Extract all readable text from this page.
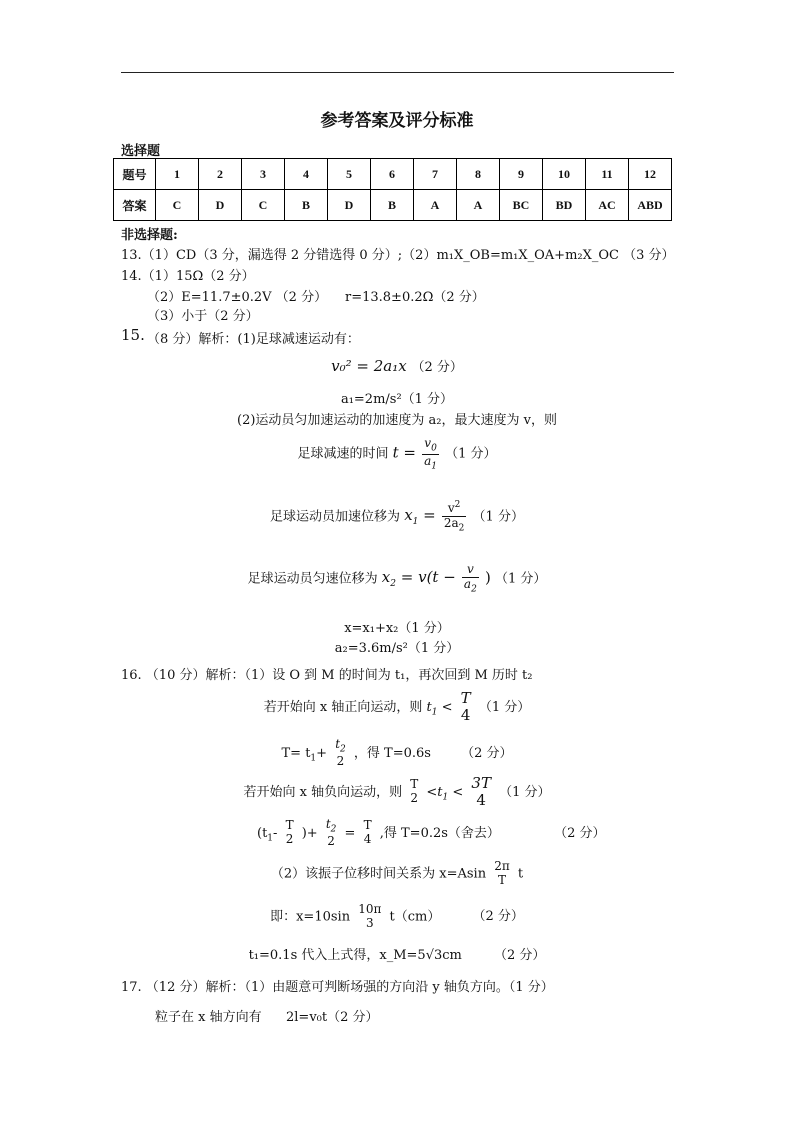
参考答案及评分标准
选择题
题号	1	2	3	4	5	6	7	8	9	10	11	12
答案	C	D	C	B	D	B	A	A	BC	BD	AC	ABD
非选择题:
13.（1）CD（3 分，漏选得 2 分错选得 0 分）;（2）m₁X_OB=m₁X_OA+m₂X_OC （3 分）
14.（1）15Ω（2 分）
（2）E=11.7±0.2V （2 分） r=13.8±0.2Ω（2 分）
（3）小于（2 分）
15. （8 分）解析：(1)足球减速运动有：
v₀² = 2a₁x （2 分）
a₁=2m/s²（1 分）
(2)运动员匀加速运动的加速度为 a₂，最大速度为 v，则
足球减速的时间 $t = \frac{v_0}{a_1} (1$ 分）
足球运动员加速位移为 $x_1 = \frac{v^2}{2a_2} (1$ 分）
足球运动员匀速位移为 $x_2 = v(t - \frac{v}{a_2}$ ) （1 分）
x=x₁+x₂（1 分）
a₂=3.6m/s²（1 分）
16. （10 分）解析：（1）设 O 到 M 的时间为 t₁，再次回到 M 历时 t₂
若开始向 x 轴正向运动，则 $t_1$ <
T
4 （1 分）
$T= t_1+$
$t_2$
2 ，得 T=0.6s （2 分）
若开始向 x 轴负向运动，则
T
$2 <t_1$ <
3T
4	（1 分）
($t_1-$
T
2 )+
$t_2$
2 =
T
4 ,得 T=0.2s（舍去）	（2 分）
（2）该振子位移时间关系为 x=Asin
2π
T t
即：x=10sin
10π
3	t（cm） （2 分）
t₁=0.1s 代入上式得，x_M=5√3cm （2 分）
17. （12 分）解析：（1）由题意可判断场强的方向沿 y 轴负方向。（1 分）
粒子在 x 轴方向有 2l=v₀t（2 分）
